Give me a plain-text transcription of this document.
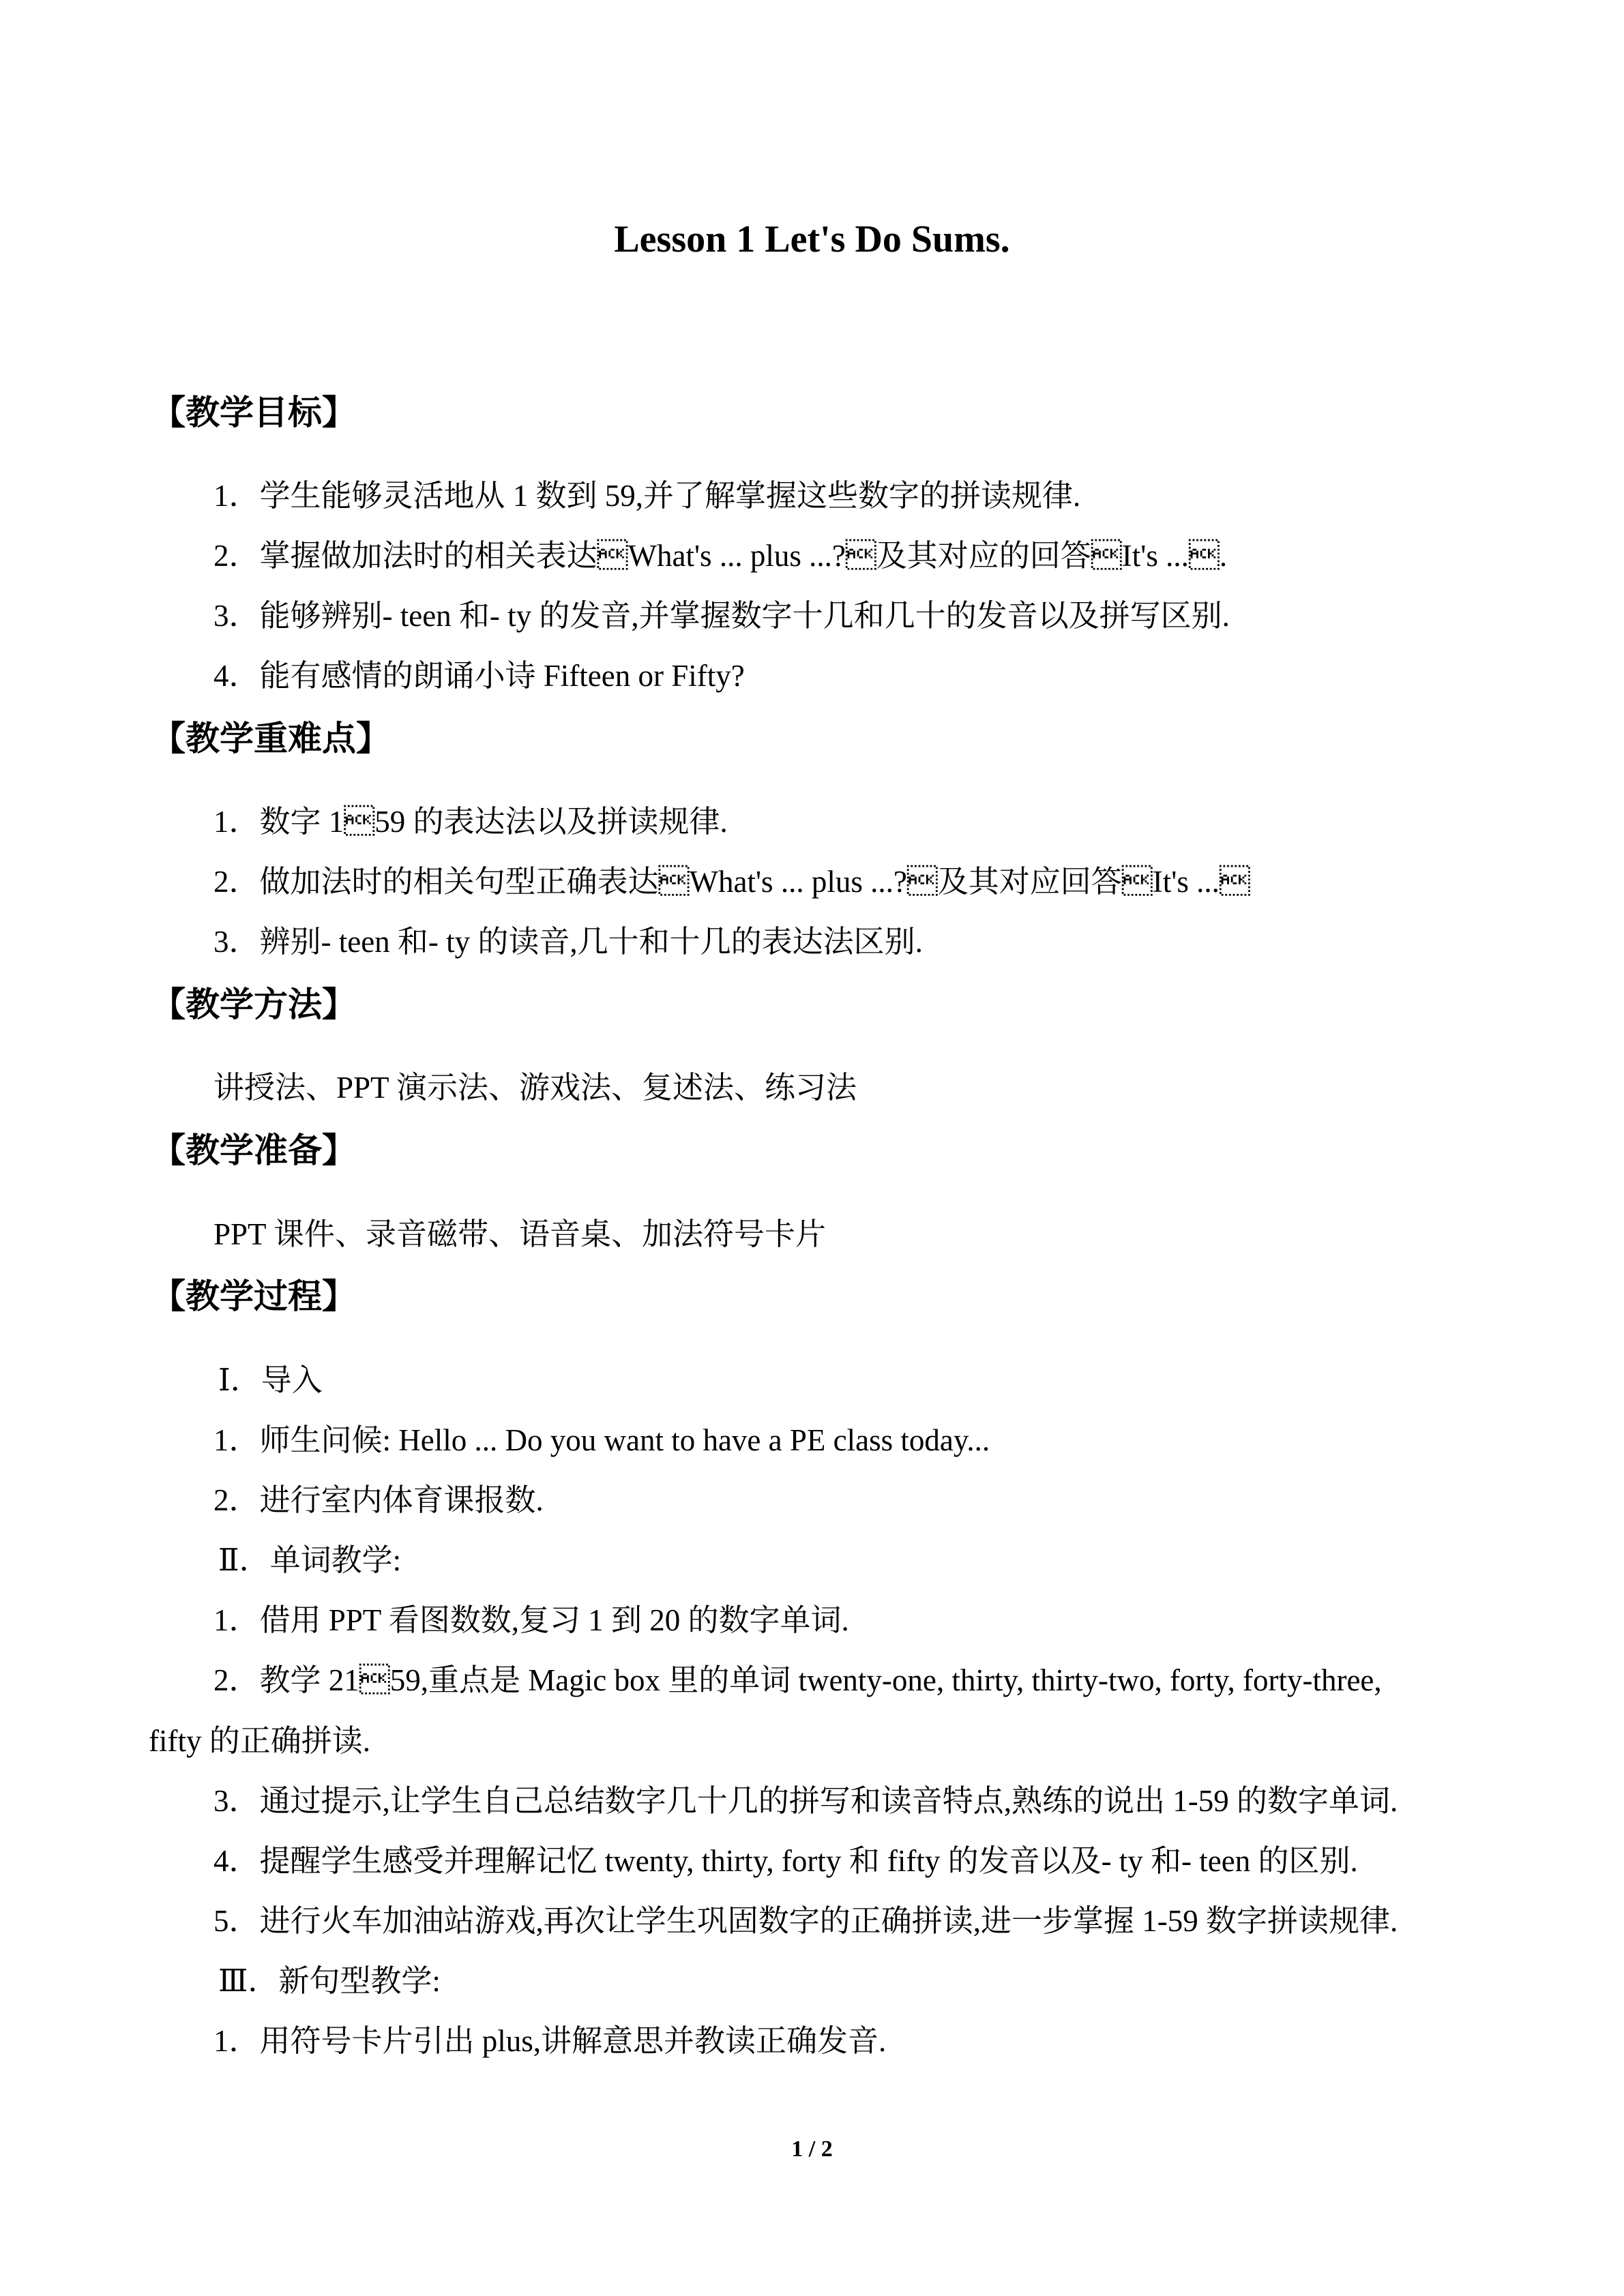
Lesson 1 Let's Do Sums.
【教学目标】
1．学生能够灵活地从 1 数到 59,并了解掌握这些数字的拼读规律.
2．掌握做加法时的相关表达What's ... plus ...?及其对应的回答It's ....
3．能够辨别- teen 和- ty 的发音,并掌握数字十几和几十的发音以及拼写区别.
4．能有感情的朗诵小诗 Fifteen or Fifty?
【教学重难点】
1．数字 159 的表达法以及拼读规律.
2．做加法时的相关句型正确表达What's ... plus ...?及其对应回答It's ...
3．辨别- teen 和- ty 的读音,几十和十几的表达法区别.
【教学方法】
讲授法、PPT 演示法、游戏法、复述法、练习法
【教学准备】
PPT 课件、录音磁带、语音桌、加法符号卡片
【教学过程】
Ⅰ．导入
1．师生问候: Hello ... Do you want to have a PE class today...
2．进行室内体育课报数.
Ⅱ．单词教学:
1．借用 PPT 看图数数,复习 1 到 20 的数字单词.
2．教学 2159,重点是 Magic box 里的单词 twenty-one, thirty, thirty-two, forty, forty-three,
fifty 的正确拼读.
3．通过提示,让学生自己总结数字几十几的拼写和读音特点,熟练的说出 1-59 的数字单词.
4．提醒学生感受并理解记忆 twenty, thirty, forty 和 fifty 的发音以及- ty 和- teen 的区别.
5．进行火车加油站游戏,再次让学生巩固数字的正确拼读,进一步掌握 1-59 数字拼读规律.
Ⅲ．新句型教学:
1．用符号卡片引出 plus,讲解意思并教读正确发音.
1 / 2
